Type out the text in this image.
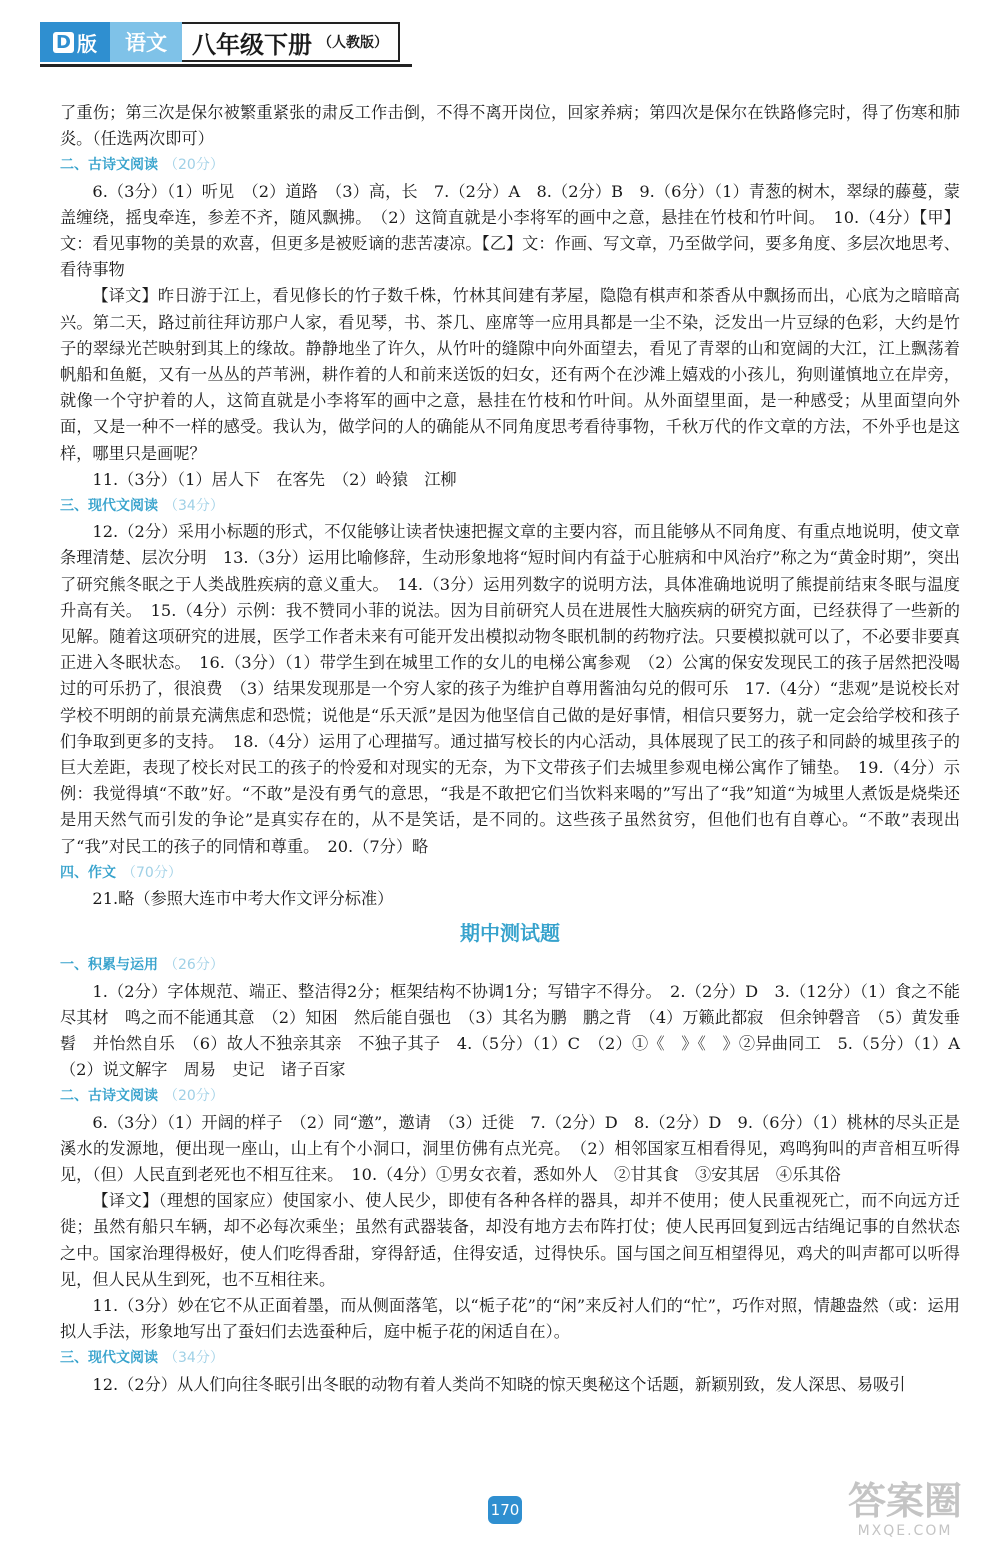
D 版	语文	八年级下册 （人教版）

了重伤；第三次是保尔被繁重紧张的肃反工作击倒，不得不离开岗位，回家养病；第四次是保尔在铁路修完时，得了伤寒和肺炎。（任选两次即可）

二、古诗文阅读 （20分）

6.（3分）（1）听见　（2）道路　（3）高，长　7.（2分）A　8.（2分）B　9.（6分）（1）青葱的树木，翠绿的藤蔓，蒙盖缠绕，摇曳牵连，参差不齐，随风飘拂。　（2）这简直就是小李将军的画中之意，悬挂在竹枝和竹叶间。　10.（4分）【甲】文：看见事物的美景的欢喜，但更多是被贬谪的悲苦凄凉。【乙】文：作画、写文章，乃至做学问，要多角度、多层次地思考、看待事物

【译文】昨日游于江上，看见修长的竹子数千株，竹林其间建有茅屋，隐隐有棋声和茶香从中飘扬而出，心底为之暗暗高兴。第二天，路过前往拜访那户人家，看见琴，书、茶几、座席等一应用具都是一尘不染，泛发出一片豆绿的色彩，大约是竹子的翠绿光芒映射到其上的缘故。静静地坐了许久，从竹叶的缝隙中向外面望去，看见了青翠的山和宽阔的大江，江上飘荡着帆船和鱼艇，又有一丛丛的芦苇洲，耕作着的人和前来送饭的妇女，还有两个在沙滩上嬉戏的小孩儿，狗则谨慎地立在岸旁，就像一个守护着的人，这简直就是小李将军的画中之意，悬挂在竹枝和竹叶间。从外面望里面，是一种感受；从里面望向外面，又是一种不一样的感受。我认为，做学问的人的确能从不同角度思考看待事物，千秋万代的作文章的方法，不外乎也是这样，哪里只是画呢？

11.（3分）（1）居人下　在客先　（2）岭猿　江柳

三、现代文阅读 （34分）

12.（2分）采用小标题的形式，不仅能够让读者快速把握文章的主要内容，而且能够从不同角度、有重点地说明，使文章条理清楚、层次分明　13.（3分）运用比喻修辞，生动形象地将“短时间内有益于心脏病和中风治疗”称之为“黄金时期”，突出了研究熊冬眠之于人类战胜疾病的意义重大。　14.（3分）运用列数字的说明方法，具体准确地说明了熊提前结束冬眠与温度升高有关。　15.（4分）示例：我不赞同小菲的说法。因为目前研究人员在进展性大脑疾病的研究方面，已经获得了一些新的见解。随着这项研究的进展，医学工作者未来有可能开发出模拟动物冬眠机制的药物疗法。只要模拟就可以了，不必要非要真正进入冬眠状态。　16.（3分）（1）带学生到在城里工作的女儿的电梯公寓参观　（2）公寓的保安发现民工的孩子居然把没喝过的可乐扔了，很浪费　（3）结果发现那是一个穷人家的孩子为维护自尊用酱油勾兑的假可乐　17.（4分）“悲观”是说校长对学校不明朗的前景充满焦虑和恐慌；说他是“乐天派”是因为他坚信自己做的是好事情，相信只要努力，就一定会给学校和孩子们争取到更多的支持。　18.（4分）运用了心理描写。通过描写校长的内心活动，具体展现了民工的孩子和同龄的城里孩子的巨大差距，表现了校长对民工的孩子的怜爱和对现实的无奈，为下文带孩子们去城里参观电梯公寓作了铺垫。　19.（4分）示例：我觉得填“不敢”好。“不敢”是没有勇气的意思，“我是不敢把它们当饮料来喝的”写出了“我”知道“为城里人煮饭是烧柴还是用天然气而引发的争论”是真实存在的，从不是笑话，是不同的。这些孩子虽然贫穷，但他们也有自尊心。“不敢”表现出了“我”对民工的孩子的同情和尊重。　20.（7分）略

四、作文 （70分）

21.略（参照大连市中考大作文评分标准）

期中测试题
一、积累与运用 （26分）

1.（2分）字体规范、端正、整洁得2分；框架结构不协调1分；写错字不得分。　2.（2分）D　3.（12分）（1）食之不能尽其材　鸣之而不能通其意　（2）知困　然后能自强也　（3）其名为鹏　鹏之背　（4）万籁此都寂　但余钟磬音　（5）黄发垂髫　并怡然自乐　（6）故人不独亲其亲　不独子其子　4.（5分）（1）C　（2）①《　》《　》②异曲同工　5.（5分）（1）A　（2）说文解字　周易　史记　诸子百家

二、古诗文阅读 （20分）

6.（3分）（1）开阔的样子　（2）同“邀”，邀请　（3）迁徙　7.（2分）D　8.（2分）D　9.（6分）（1）桃林的尽头正是溪水的发源地，便出现一座山，山上有个小洞口，洞里仿佛有点光亮。　（2）相邻国家互相看得见，鸡鸣狗叫的声音相互听得见，（但）人民直到老死也不相互往来。　10.（4分）①男女衣着，悉如外人　②甘其食　③安其居　④乐其俗

【译文】（理想的国家应）使国家小、使人民少，即使有各种各样的器具，却并不使用；使人民重视死亡，而不向远方迁徙；虽然有船只车辆，却不必每次乘坐；虽然有武器装备，却没有地方去布阵打仗；使人民再回复到远古结绳记事的自然状态之中。国家治理得极好，使人们吃得香甜，穿得舒适，住得安适，过得快乐。国与国之间互相望得见，鸡犬的叫声都可以听得见，但人民从生到死，也不互相往来。

11.（3分）妙在它不从正面着墨，而从侧面落笔，以“栀子花”的“闲”来反衬人们的“忙”，巧作对照，情趣盎然（或：运用拟人手法，形象地写出了蚕妇们去选蚕种后，庭中栀子花的闲适自在）。

三、现代文阅读 （34分）

12.（2分）从人们向往冬眠引出冬眠的动物有着人类尚不知晓的惊天奥秘这个话题，新颖别致，发人深思、易吸引

170	答案圈
MXQE.COM
